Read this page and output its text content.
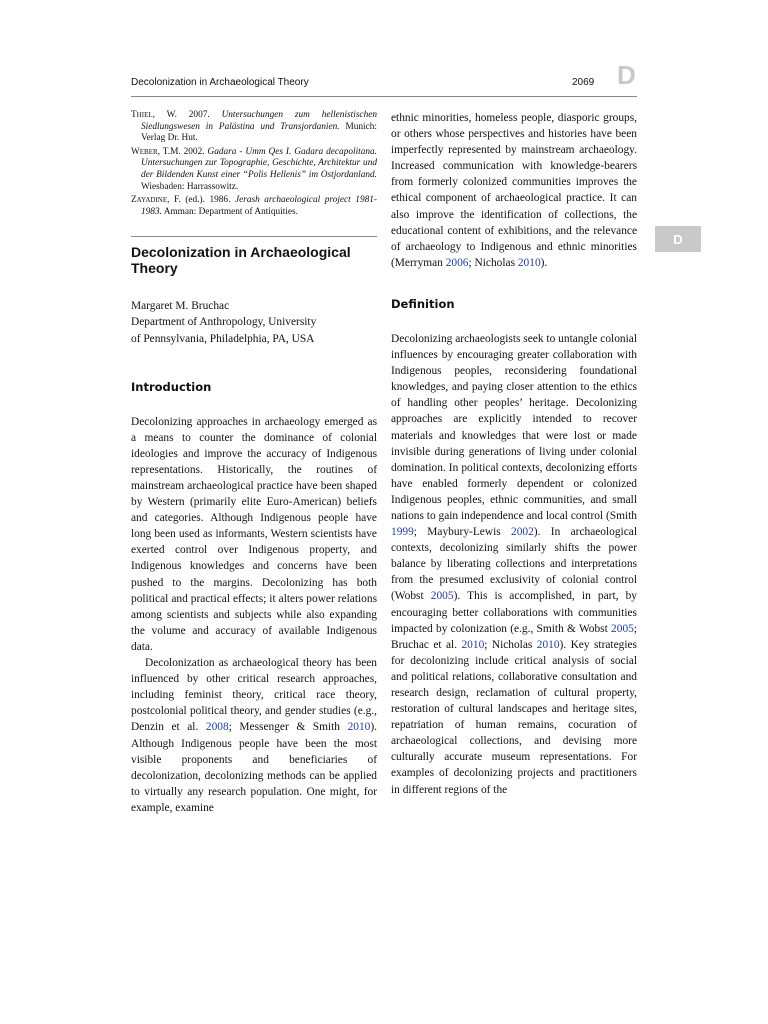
Decolonization in Archaeological Theory	2069 D
D
Thiel, W. 2007. Untersuchungen zum hellenistischen Siedlungswesen in Palästina und Transjordanien. Munich: Verlag Dr. Hut.
Weber, T.M. 2002. Gadara - Umm Qes I. Gadara decapolitana. Untersuchungen zur Topographie, Geschichte, Architektur und der Bildenden Kunst einer “Polis Hellenis” im Ostjordanland. Wiesbaden: Harrassowitz.
Zayadine, F. (ed.). 1986. Jerash archaeological project 1981-1983. Amman: Department of Antiquities.
Decolonization in Archaeological Theory
Margaret M. Bruchac
Department of Anthropology, University
of Pennsylvania, Philadelphia, PA, USA
Introduction

Decolonizing approaches in archaeology emerged as a means to counter the dominance of colonial ideologies and improve the accuracy of Indigenous representations. Historically, the routines of mainstream archaeological practice have been shaped by Western (primarily elite Euro-American) beliefs and categories. Although Indigenous people have long been used as informants, Western scientists have exerted control over Indigenous property, and Indigenous knowledges and concerns have been pushed to the margins. Decolonizing has both political and practical effects; it alters power relations among scientists and subjects while also expanding the volume and accuracy of available Indigenous data.

Decolonization as archaeological theory has been influenced by other critical research approaches, including feminist theory, critical race theory, postcolonial political theory, and gender studies (e.g., Denzin et al. 2008; Messenger & Smith 2010). Although Indigenous people have been the most visible proponents and beneficiaries of decolonization, decolonizing methods can be applied to virtually any research population. One might, for example, examine

ethnic minorities, homeless people, diasporic groups, or others whose perspectives and histories have been imperfectly represented by mainstream archaeology. Increased communication with knowledge-bearers from formerly colonized communities improves the ethical component of archaeological practice. It can also improve the identification of collections, the educational content of exhibitions, and the relevance of archaeology to Indigenous and ethnic minorities (Merryman 2006; Nicholas 2010).

Definition

Decolonizing archaeologists seek to untangle colonial influences by encouraging greater collaboration with Indigenous peoples, reconsidering foundational knowledges, and paying closer attention to the ethics of handling other peoples’ heritage. Decolonizing approaches are explicitly intended to recover materials and knowledges that were lost or made invisible during generations of living under colonial domination. In political contexts, decolonizing efforts have enabled formerly dependent or colonized Indigenous peoples, ethnic communities, and small nations to gain independence and local control (Smith 1999; Maybury-Lewis 2002). In archaeological contexts, decolonizing similarly shifts the power balance by liberating collections and interpretations from the presumed exclusivity of colonial control (Wobst 2005). This is accomplished, in part, by encouraging better collaborations with communities impacted by colonization (e.g., Smith & Wobst 2005; Bruchac et al. 2010; Nicholas 2010). Key strategies for decolonizing include critical analysis of social and political relations, collaborative consultation and research design, reclamation of cultural property, restoration of cultural landscapes and heritage sites, repatriation of human remains, cocuration of archaeological collections, and devising more culturally accurate museum representations. For examples of decolonizing projects and practitioners in different regions of the
